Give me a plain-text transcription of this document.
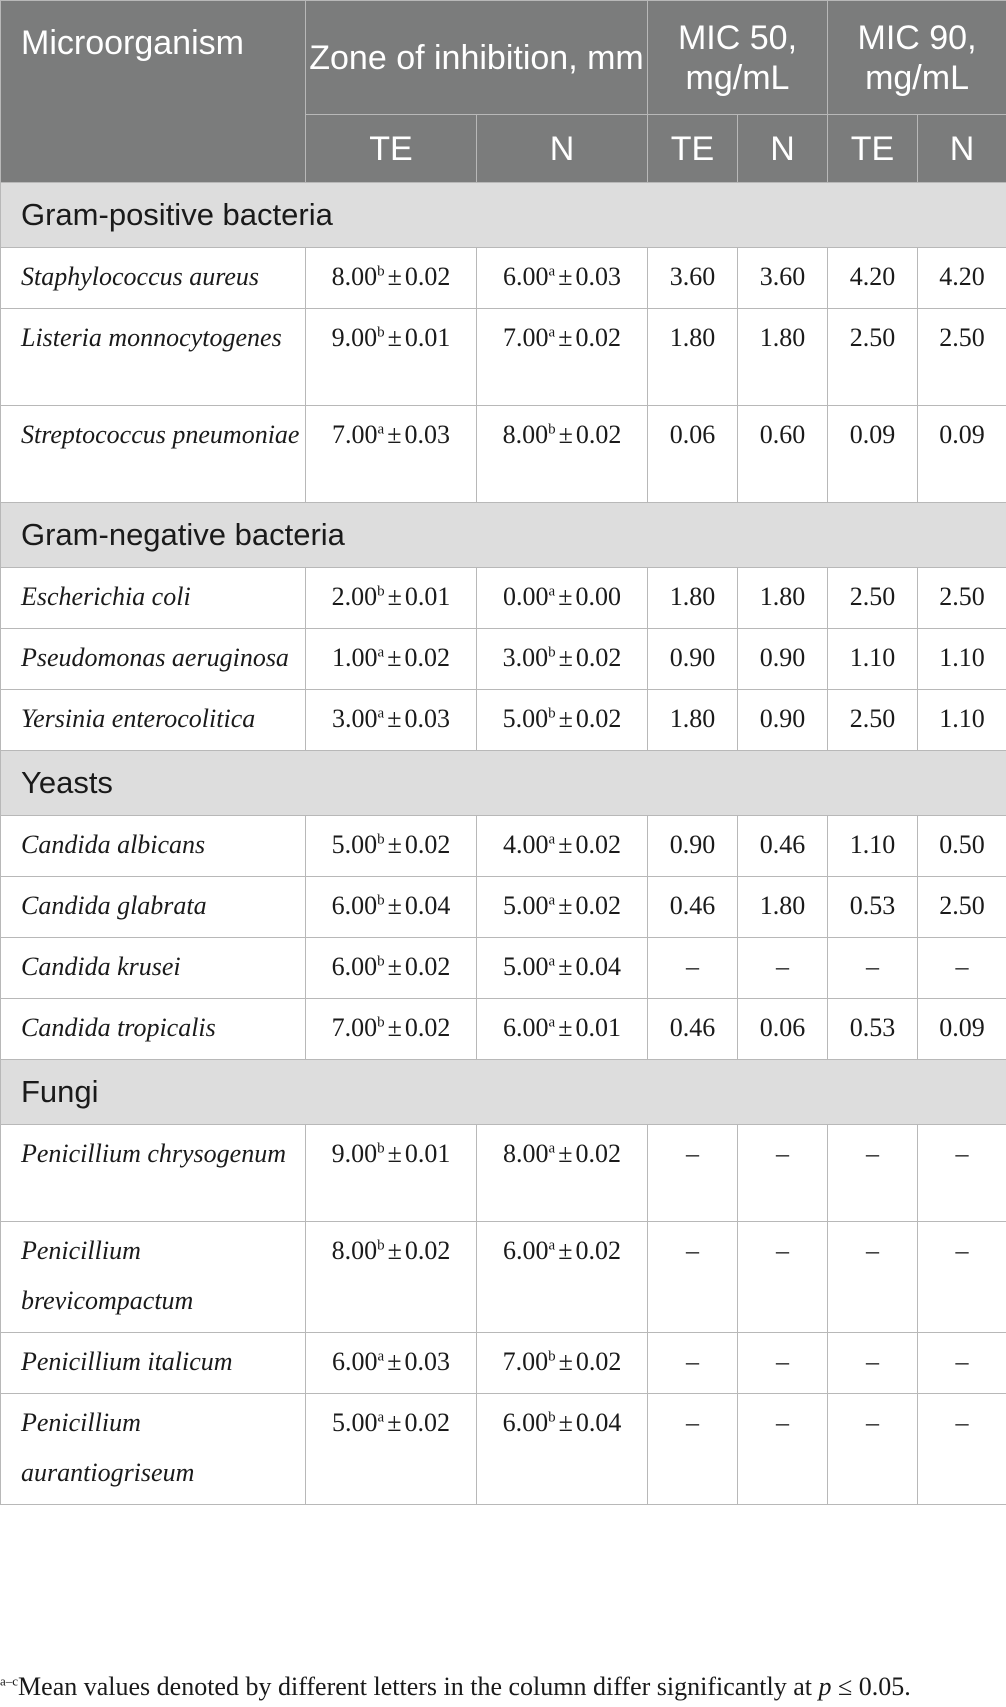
Microorganism	Zone of inhibition, mm		MIC 50, mg/mL		MIC 90, mg/mL	
	TE	N	TE	N	TE	N
Gram-positive bacteria						
Staphylococcus aureus	8.00$^b$ ± 0.02	6.00$^a$ ± 0.03	3.60	3.60	4.20	4.20
Listeria monnocytogenes	9.00$^b$ ± 0.01	7.00$^a$ ± 0.02	1.80	1.80	2.50	2.50
Streptococcus pneumoniae	7.00$^a$ ± 0.03	8.00$^b$ ± 0.02	0.06	0.60	0.09	0.09
Gram-negative bacteria						
Escherichia coli	2.00$^b$ ± 0.01	0.00$^a$ ± 0.00	1.80	1.80	2.50	2.50
Pseudomonas aeruginosa	1.00$^a$ ± 0.02	3.00$^b$ ± 0.02	0.90	0.90	1.10	1.10
Yersinia enterocolitica	3.00$^a$ ± 0.03	5.00$^b$ ± 0.02	1.80	0.90	2.50	1.10
Yeasts						
Candida albicans	5.00$^b$ ± 0.02	4.00$^a$ ± 0.02	0.90	0.46	1.10	0.50
Candida glabrata	6.00$^b$ ± 0.04	5.00$^a$ ± 0.02	0.46	1.80	0.53	2.50
Candida krusei	6.00$^b$ ± 0.02	5.00$^a$ ± 0.04	–	–	–	–
Candida tropicalis	7.00$^b$ ± 0.02	6.00$^a$ ± 0.01	0.46	0.06	0.53	0.09
Fungi						
Penicillium chrysogenum	9.00$^b$ ± 0.01	8.00$^a$ ± 0.02	–	–	–	–
Penicillium brevicompactum	8.00$^b$ ± 0.02	6.00$^a$ ± 0.02	–	–	–	–
Penicillium italicum	6.00$^a$ ± 0.03	7.00$^b$ ± 0.02	–	–	–	–
Penicillium aurantiogriseum	5.00$^a$ ± 0.02	6.00$^b$ ± 0.04	–	–	–	–
$^{a-c}$Mean values denoted by different letters in the column differ significantly at p ≤ 0.05.
